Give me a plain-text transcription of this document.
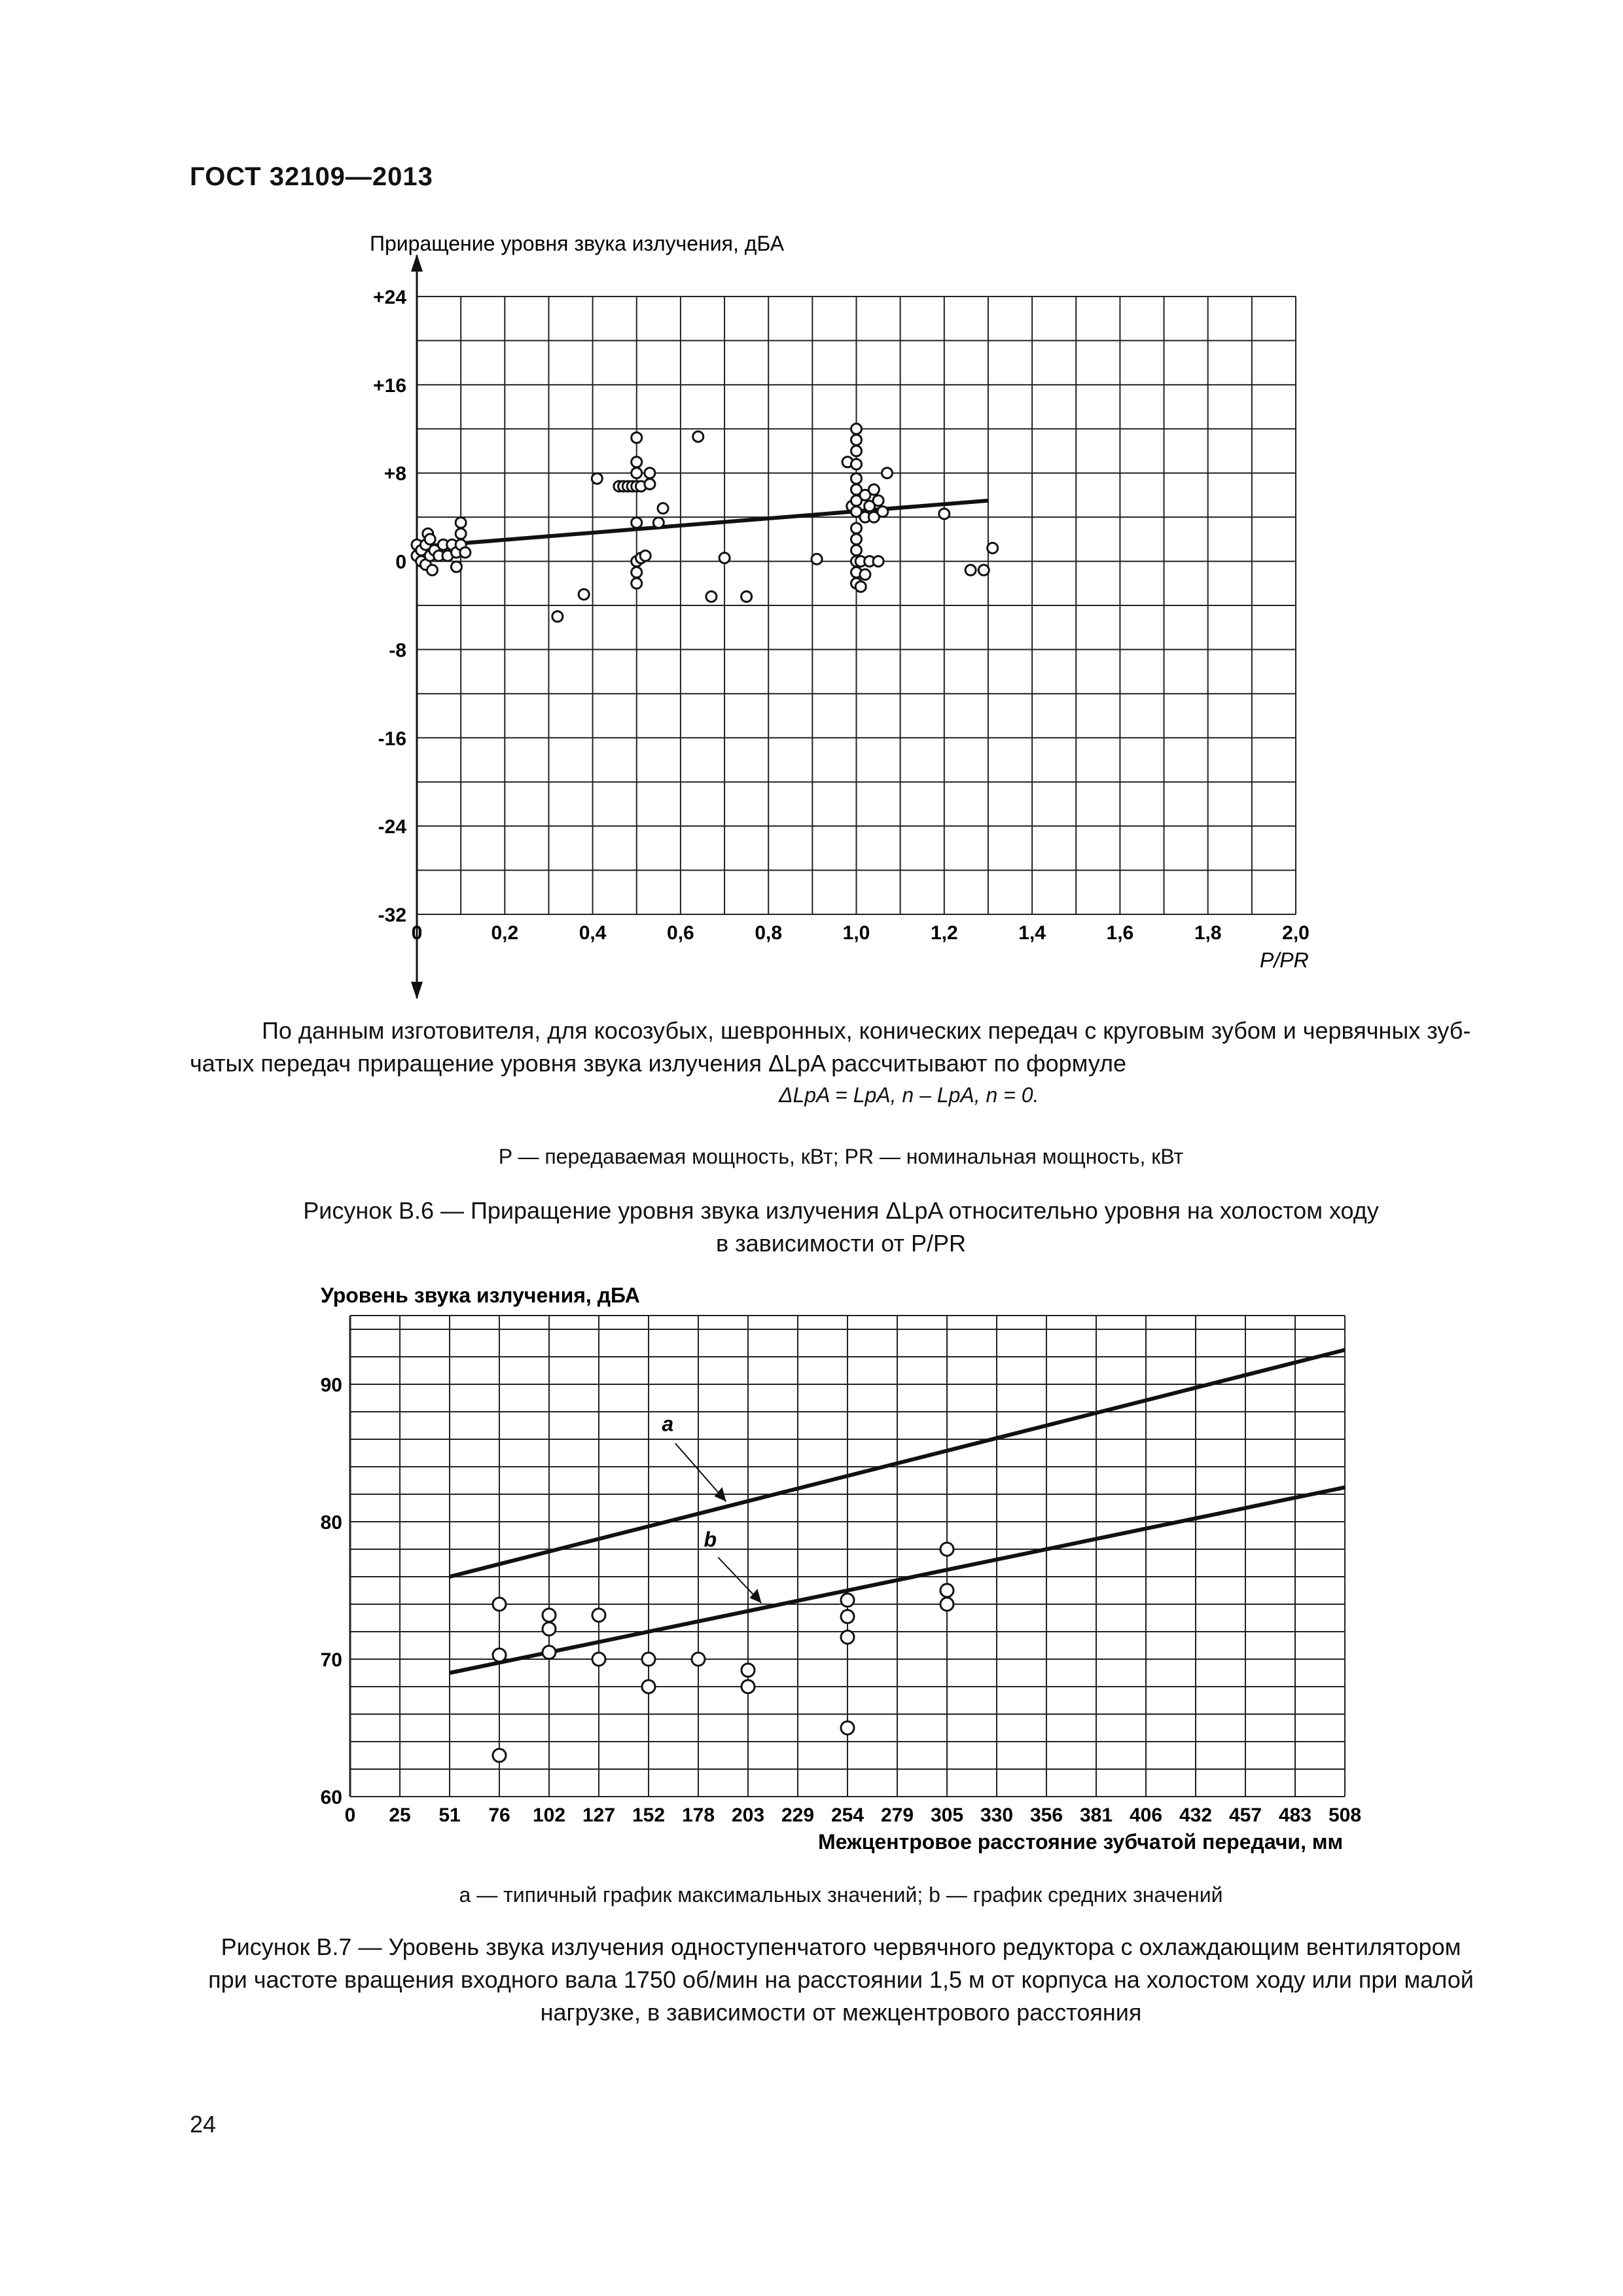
ГОСТ 32109—2013
0	0,2	0,4	0,6	0,8	1,0	1,2	1,4	1,6	1,8	2,0
+24
+16
+8
0
-8
-16
-24
-32
Приращение уровня звука излучения, дБА
P/PR
По данным изготовителя, для косозубых, шевронных, конических передач с круговым зубом и червячных зуб-
чатых передач приращение уровня звука излучения ΔLpA рассчитывают по формуле
ΔLpA = LpA, n – LpA, n = 0.
P — передаваемая мощность, кВт; PR — номинальная мощность, кВт
Рисунок В.6 — Приращение уровня звука излучения ΔLpA относительно уровня на холостом ходу
в зависимости от P/PR
a
b
0 25 51 76 102 127 152 178 203 229 254 279 305 330 356 381 406 432 457 483 508
60
70
80
90
Уровень звука излучения, дБА
Межцентровое расстояние зубчатой передачи, мм
a — типичный график максимальных значений; b — график средних значений
Рисунок В.7 — Уровень звука излучения одноступенчатого червячного редуктора с охлаждающим вентилятором
при частоте вращения входного вала 1750 об/мин на расстоянии 1,5 м от корпуса на холостом ходу или при малой
нагрузке, в зависимости от межцентрового расстояния
24
